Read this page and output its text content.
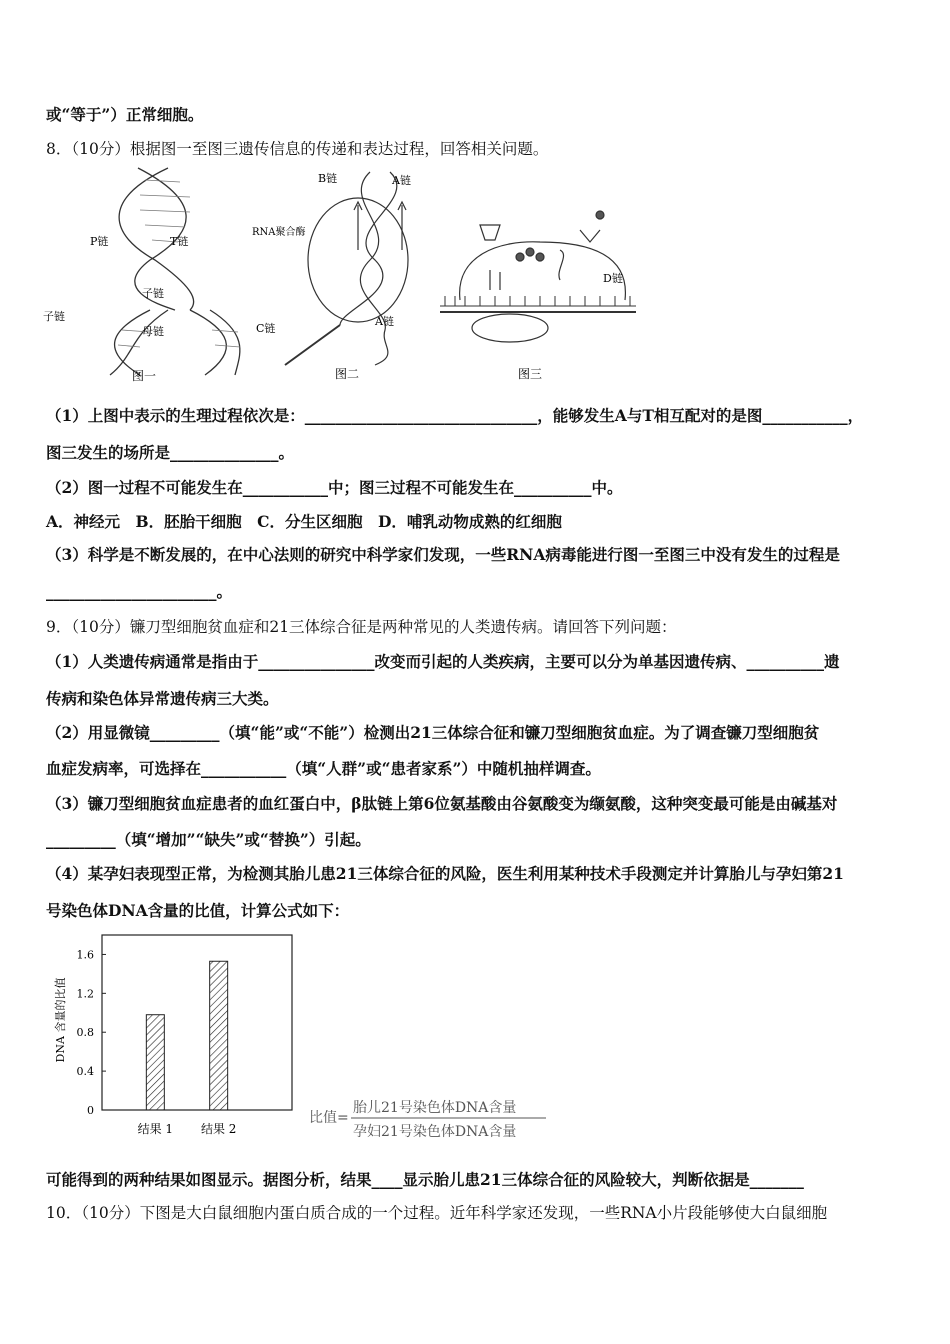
或“等于”）正常细胞。
8．（10分）根据图一至图三遗传信息的传递和表达过程，回答相关问题。
P链	T链
子链
子链
母链
图一
B链	A链
RNA聚合酶
C链
A链
图二
D链
图三
（1）上图中表示的生理过程依次是：______________________________，能够发生A与T相互配对的是图___________，
图三发生的场所是______________。
（2）图一过程不可能发生在___________中；图三过程不可能发生在__________中。
A．神经元　B．胚胎干细胞　C．分生区细胞　D．哺乳动物成熟的红细胞
（3）科学是不断发展的，在中心法则的研究中科学家们发现，一些RNA病毒能进行图一至图三中没有发生的过程是
______________________。
9．（10分）镰刀型细胞贫血症和21三体综合征是两种常见的人类遗传病。请回答下列问题：
（1）人类遗传病通常是指由于_______________改变而引起的人类疾病，主要可以分为单基因遗传病、__________遗
传病和染色体异常遗传病三大类。
（2）用显微镜_________（填“能”或“不能”）检测出21三体综合征和镰刀型细胞贫血症。为了调查镰刀型细胞贫
血症发病率，可选择在___________（填“人群”或“患者家系”）中随机抽样调查。
（3）镰刀型细胞贫血症患者的血红蛋白中，β肽链上第6位氨基酸由谷氨酸变为缬氨酸，这种突变最可能是由碱基对
_________（填“增加”“缺失”或“替换”）引起。
（4）某孕妇表现型正常，为检测其胎儿患21三体综合征的风险，医生利用某种技术手段测定并计算胎儿与孕妇第21
号染色体DNA含量的比值，计算公式如下：
DNA 含量的比值
0
0.4
0.8
1.2
1.6
结果 1 结果 2
比值=
胎儿21号染色体DNA含量
孕妇21号染色体DNA含量
可能得到的两种结果如图显示。据图分析，结果____显示胎儿患21三体综合征的风险较大，判断依据是_______
10．（10分）下图是大白鼠细胞内蛋白质合成的一个过程。近年科学家还发现，一些RNA小片段能够使大白鼠细胞
